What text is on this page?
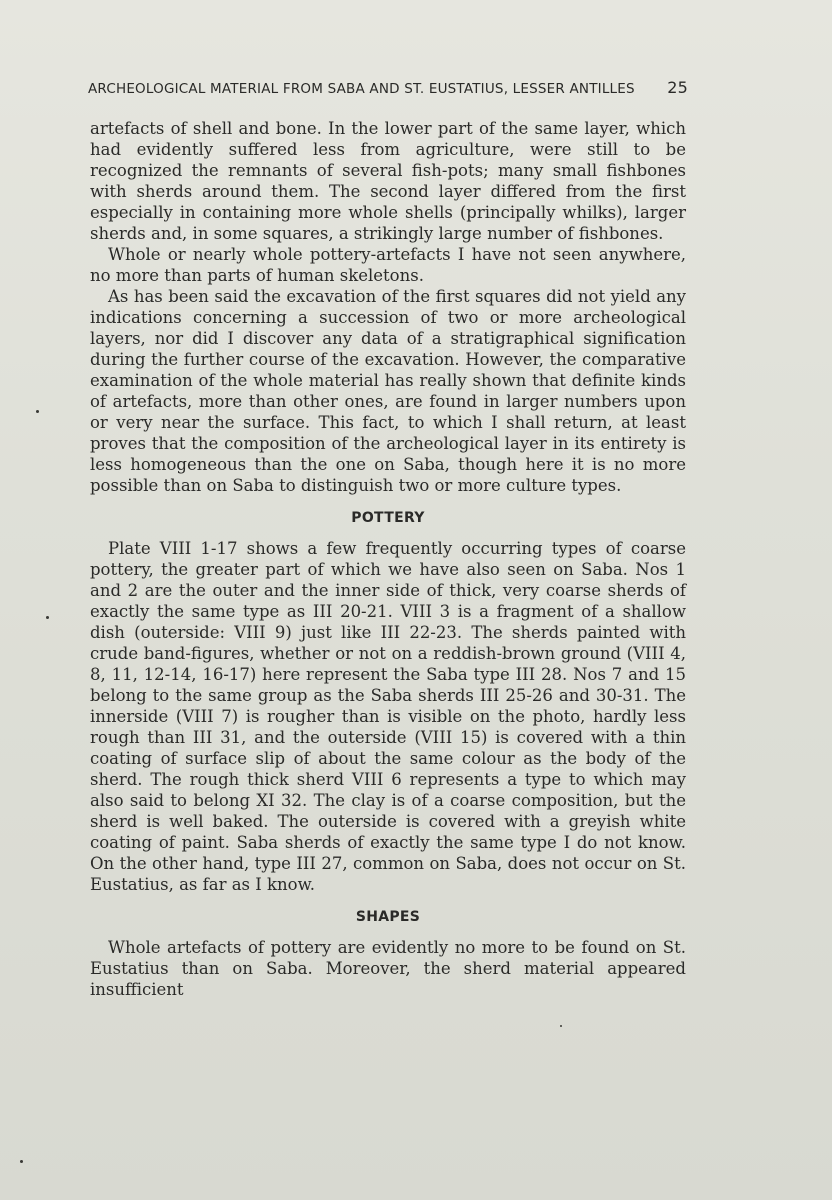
ARCHEOLOGICAL MATERIAL FROM SABA AND ST. EUSTATIUS, LESSER ANTILLES 25

artefacts of shell and bone. In the lower part of the same layer, which had evidently suffered less from agriculture, were still to be recognized the remnants of several fish-pots; many small fishbones with sherds around them. The second layer differed from the first especially in containing more whole shells (principally whilks), larger sherds and, in some squares, a strikingly large number of fishbones.

Whole or nearly whole pottery-artefacts I have not seen anywhere, no more than parts of human skeletons.

As has been said the excavation of the first squares did not yield any indications concerning a succession of two or more archeological layers, nor did I discover any data of a stratigraphical signification during the further course of the excavation. However, the comparative examination of the whole material has really shown that definite kinds of artefacts, more than other ones, are found in larger numbers upon or very near the surface. This fact, to which I shall return, at least proves that the composition of the archeological layer in its entirety is less homogeneous than the one on Saba, though here it is no more possible than on Saba to distinguish two or more culture types.

POTTERY

Plate VIII 1-17 shows a few frequently occurring types of coarse pottery, the greater part of which we have also seen on Saba. Nos 1 and 2 are the outer and the inner side of thick, very coarse sherds of exactly the same type as III 20-21. VIII 3 is a fragment of a shallow dish (outerside: VIII 9) just like III 22-23. The sherds painted with crude band-figures, whether or not on a reddish-brown ground (VIII 4, 8, 11, 12-14, 16-17) here represent the Saba type III 28. Nos 7 and 15 belong to the same group as the Saba sherds III 25-26 and 30-31. The innerside (VIII 7) is rougher than is visible on the photo, hardly less rough than III 31, and the outerside (VIII 15) is covered with a thin coating of surface slip of about the same colour as the body of the sherd. The rough thick sherd VIII 6 represents a type to which may also said to belong XI 32. The clay is of a coarse composition, but the sherd is well baked. The outerside is covered with a greyish white coating of paint. Saba sherds of exactly the same type I do not know. On the other hand, type III 27, common on Saba, does not occur on St. Eustatius, as far as I know.

SHAPES

Whole artefacts of pottery are evidently no more to be found on St. Eustatius than on Saba. Moreover, the sherd material appeared insufficient
